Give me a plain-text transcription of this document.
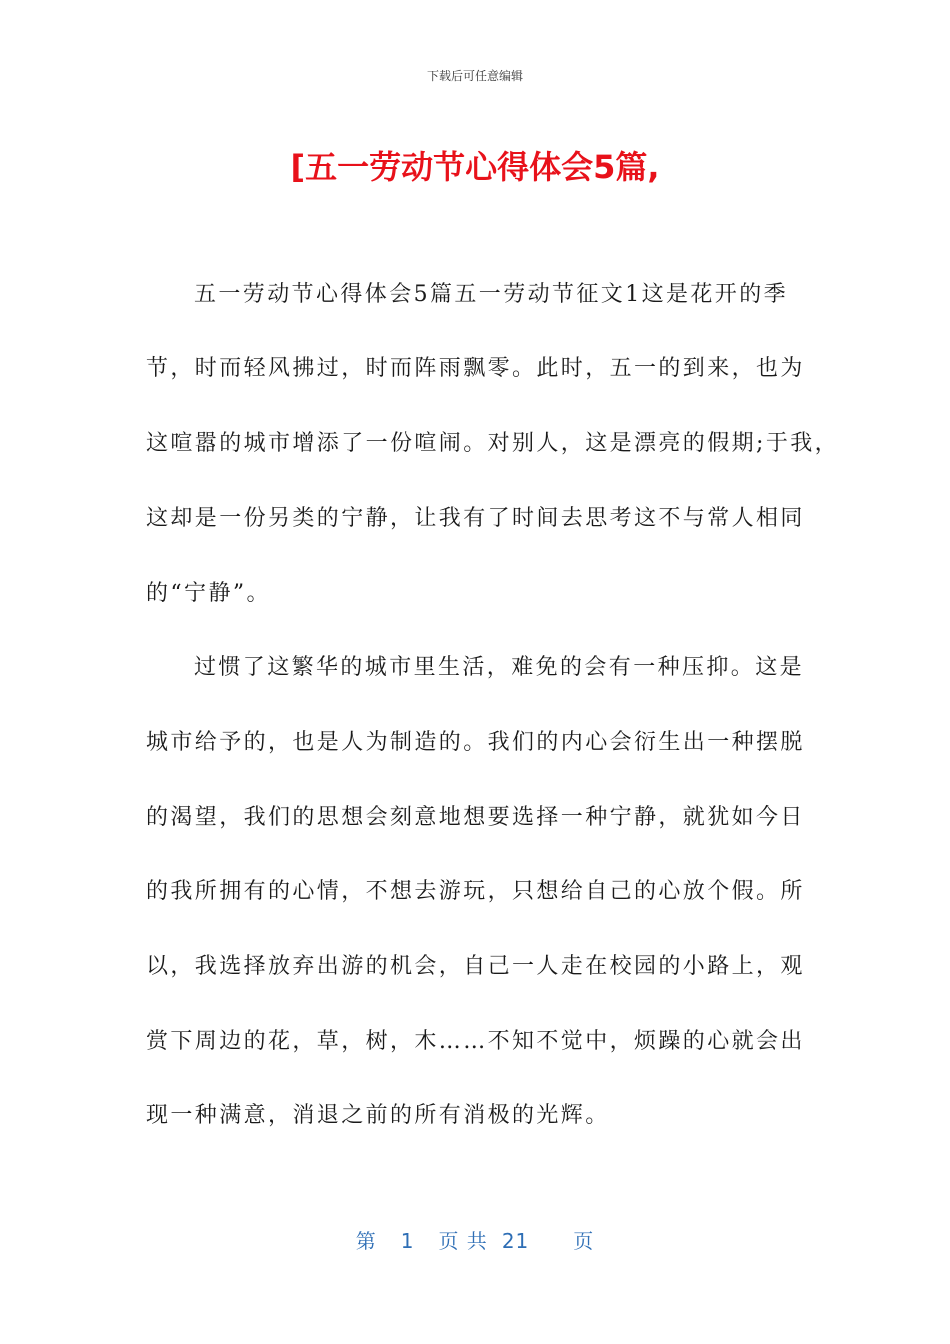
下载后可任意编辑
[五一劳动节心得体会5篇,
五一劳动节心得体会5篇五一劳动节征文1这是花开的季
节，时而轻风拂过，时而阵雨飘零。此时，五一的到来，也为
这喧嚣的城市增添了一份喧闹。对别人，这是漂亮的假期;于我，
这却是一份另类的宁静，让我有了时间去思考这不与常人相同
的“宁静”。
过惯了这繁华的城市里生活，难免的会有一种压抑。这是
城市给予的，也是人为制造的。我们的内心会衍生出一种摆脱
的渴望，我们的思想会刻意地想要选择一种宁静，就犹如今日
的我所拥有的心情，不想去游玩，只想给自己的心放个假。所
以，我选择放弃出游的机会，自己一人走在校园的小路上，观
赏下周边的花，草，树，木……不知不觉中，烦躁的心就会出
现一种满意，消退之前的所有消极的光辉。
第 1 页 共 21 页
